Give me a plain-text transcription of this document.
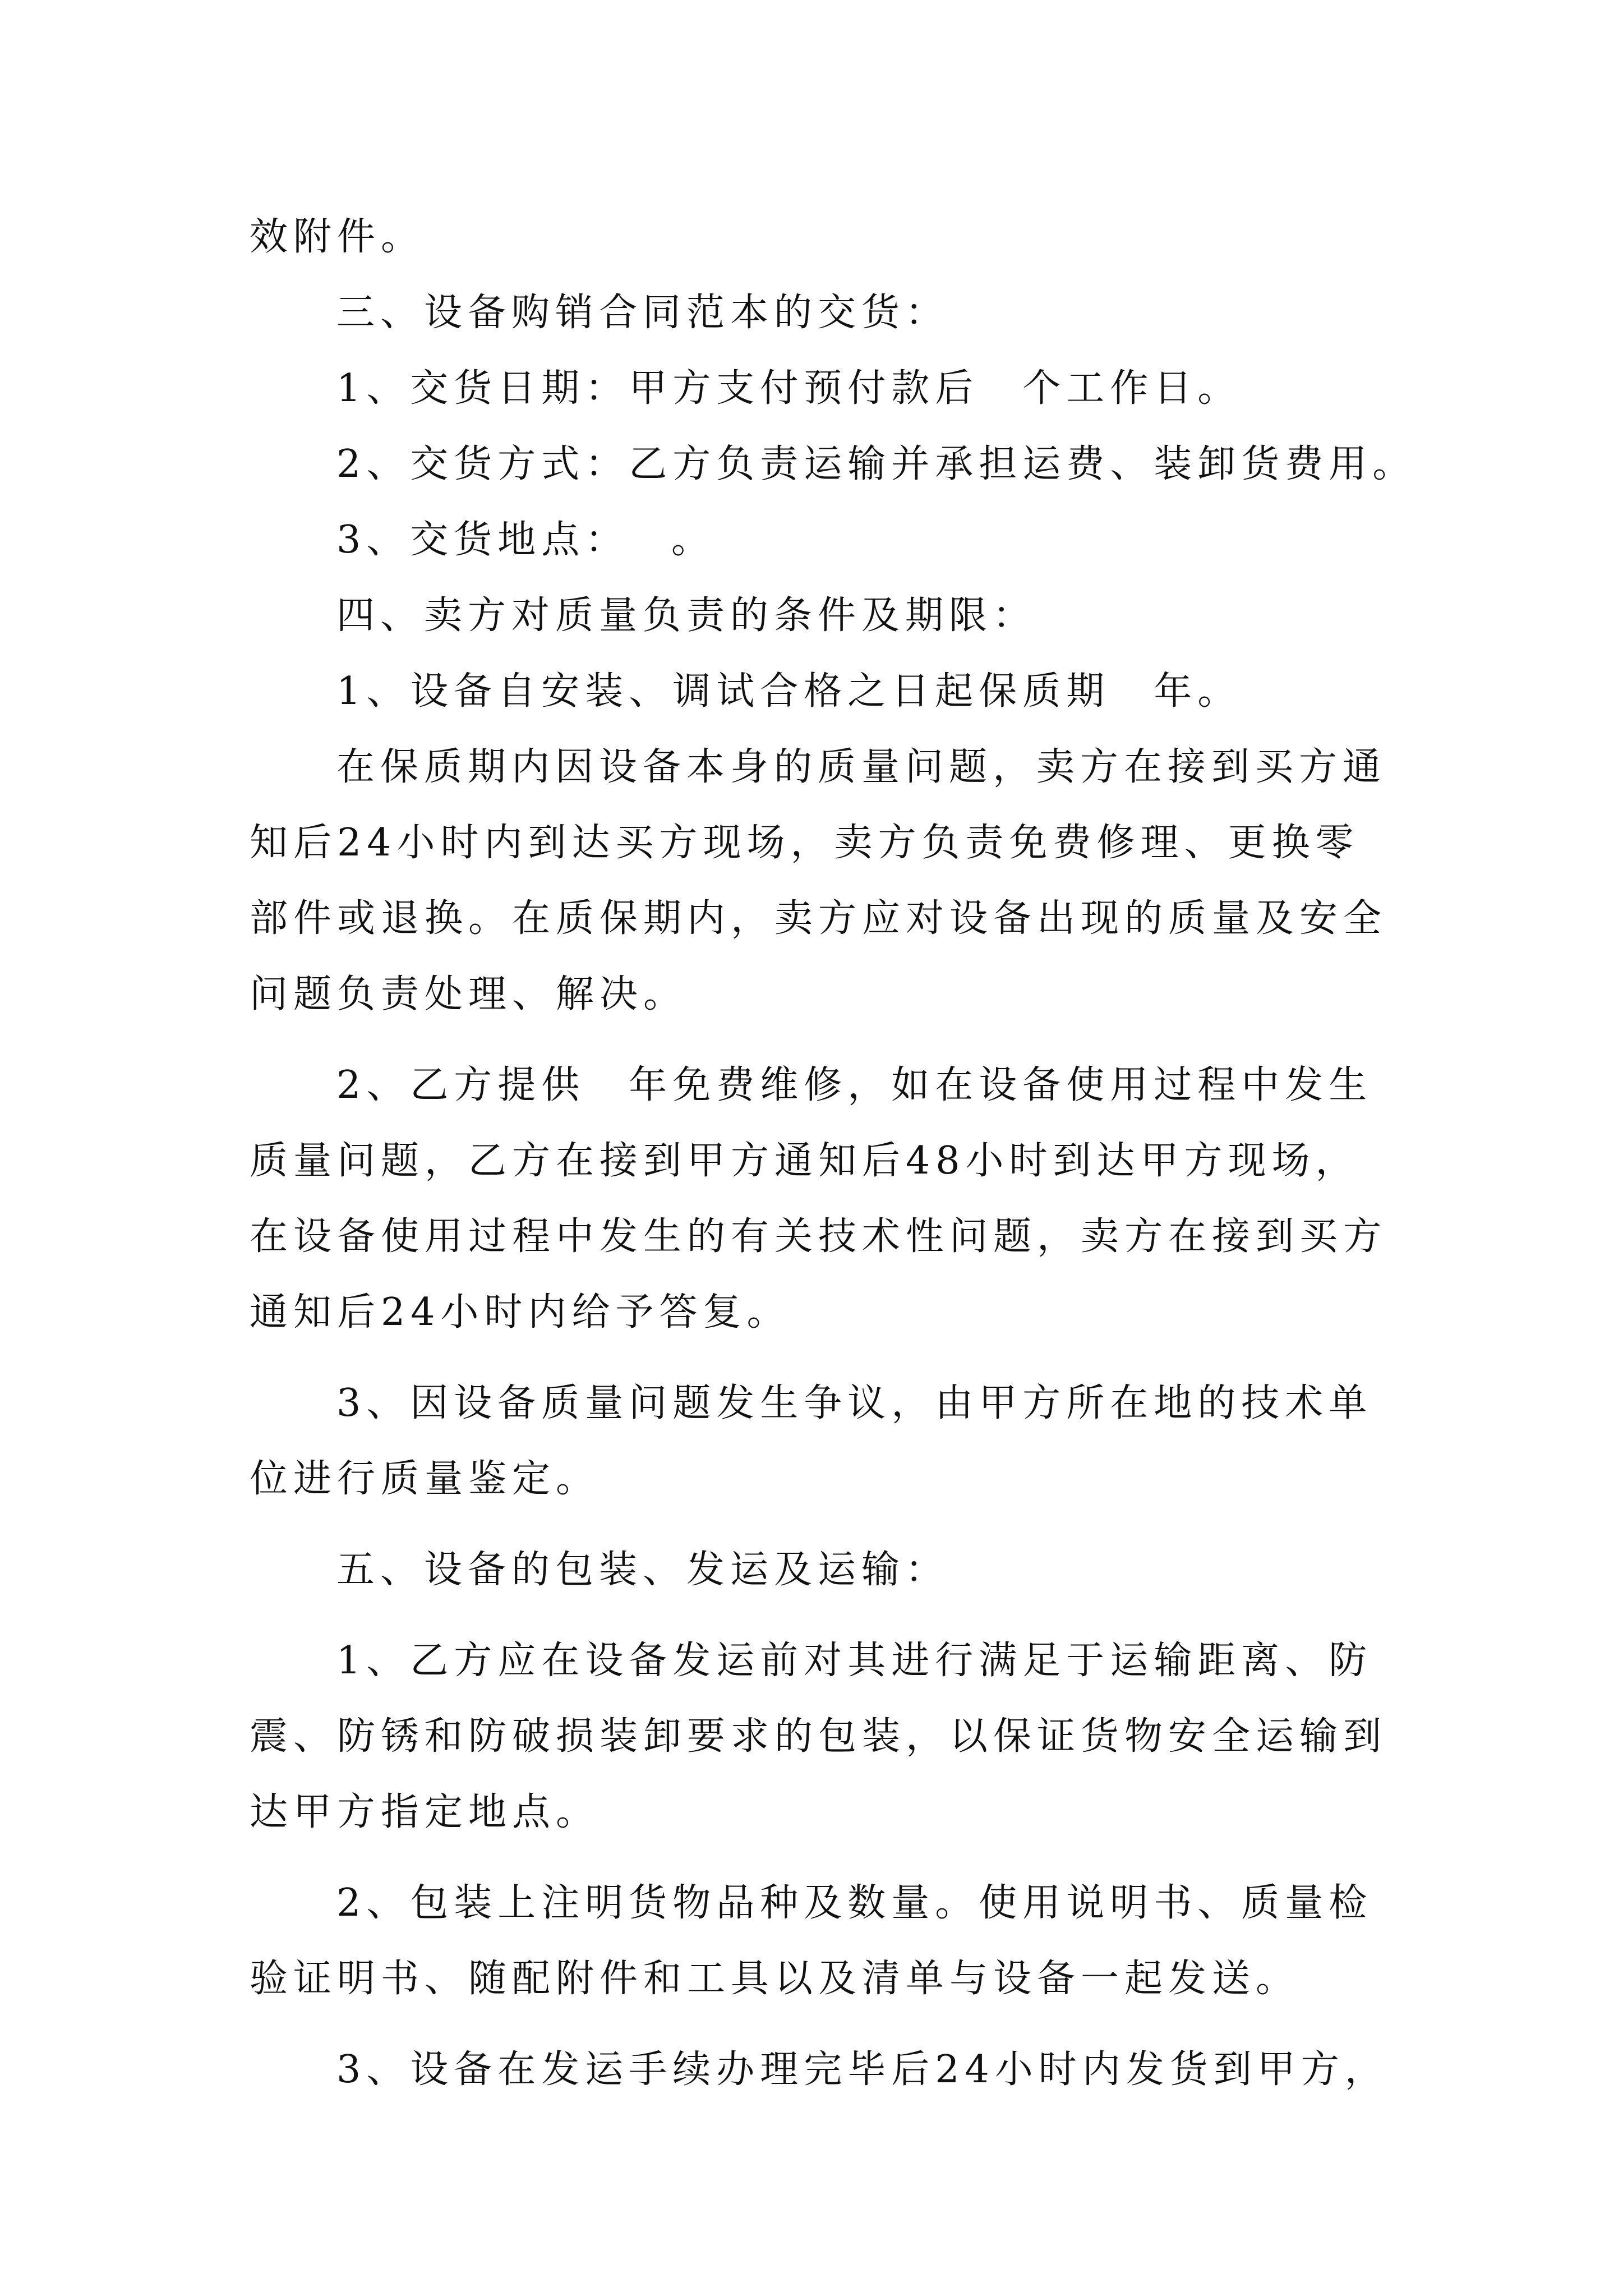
效附件。
三、设备购销合同范本的交货：
1、交货日期：甲方支付预付款后　个工作日。
2、交货方式：乙方负责运输并承担运费、装卸货费用。
3、交货地点：　 。
四、卖方对质量负责的条件及期限：
1、设备自安装、调试合格之日起保质期　年。
在保质期内因设备本身的质量问题，卖方在接到买方通
知后24小时内到达买方现场，卖方负责免费修理、更换零
部件或退换。在质保期内，卖方应对设备出现的质量及安全
问题负责处理、解决。
2、乙方提供　年免费维修，如在设备使用过程中发生
质量问题，乙方在接到甲方通知后48小时到达甲方现场，
在设备使用过程中发生的有关技术性问题，卖方在接到买方
通知后24小时内给予答复。
3、因设备质量问题发生争议，由甲方所在地的技术单
位进行质量鉴定。
五、设备的包装、发运及运输：
1、乙方应在设备发运前对其进行满足于运输距离、防
震、防锈和防破损装卸要求的包装，以保证货物安全运输到
达甲方指定地点。
2、包装上注明货物品种及数量。使用说明书、质量检
验证明书、随配附件和工具以及清单与设备一起发送。
3、设备在发运手续办理完毕后24小时内发货到甲方，
